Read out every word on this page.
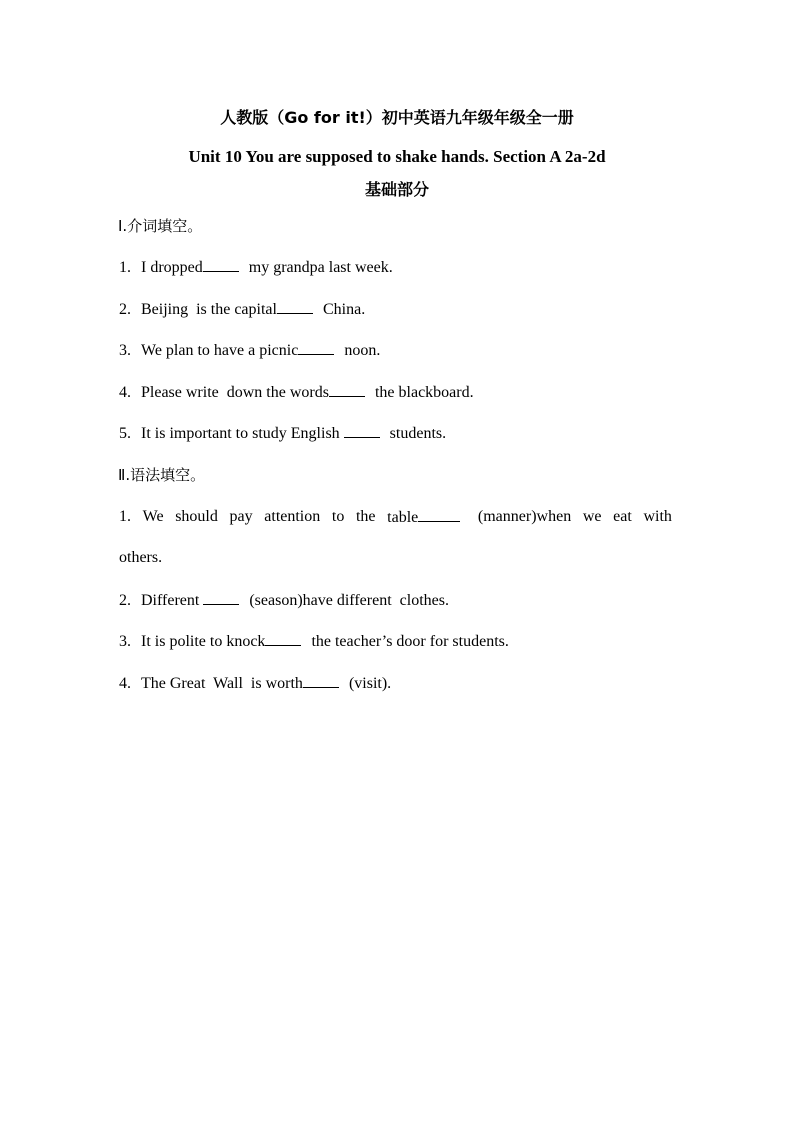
人教版（Go for it!）初中英语九年级年级全一册
Unit 10 You are supposed to shake hands. Section A 2a-2d
基础部分
Ⅰ.介词填空。
1. I dropped	my grandpa last week.
2. Beijing  is the capital	China.
3. We plan to have a picnic	noon.
4. Please write  down the words	the blackboard.
5. It is important to study English	students.
Ⅱ.语法填空。
1. We should pay attention to the table	(manner)when we eat with
others.
2. Different	(season)have different  clothes.
3. It is polite to knock	the teacher’s door for students.
4. The Great  Wall  is worth	(visit).
